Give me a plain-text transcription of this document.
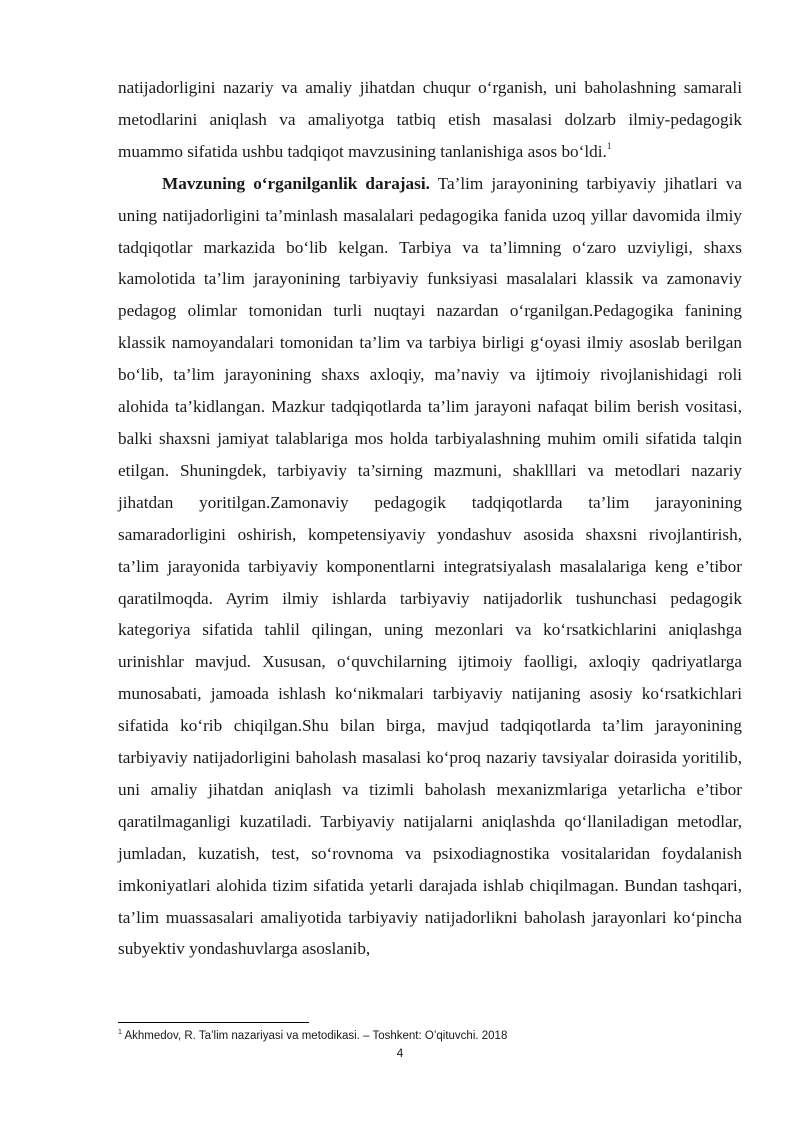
natijadorligini nazariy va amaliy jihatdan chuqur o‘rganish, uni baholashning samarali metodlarini aniqlash va amaliyotga tatbiq etish masalasi dolzarb ilmiy-pedagogik muammo sifatida ushbu tadqiqot mavzusining tanlanishiga asos bo‘ldi.$^1$

Mavzuning o‘rganilganlik darajasi. Ta’lim jarayonining tarbiyaviy jihatlari va uning natijadorligini ta’minlash masalalari pedagogika fanida uzoq yillar davomida ilmiy tadqiqotlar markazida bo‘lib kelgan. Tarbiya va ta’limning o‘zaro uzviyligi, shaxs kamolotida ta’lim jarayonining tarbiyaviy funksiyasi masalalari klassik va zamonaviy pedagog olimlar tomonidan turli nuqtayi nazardan o‘rganilgan.Pedagogika fanining klassik namoyandalari tomonidan ta’lim va tarbiya birligi g‘oyasi ilmiy asoslab berilgan bo‘lib, ta’lim jarayonining shaxs axloqiy, ma’naviy va ijtimoiy rivojlanishidagi roli alohida ta’kidlangan. Mazkur tadqiqotlarda ta’lim jarayoni nafaqat bilim berish vositasi, balki shaxsni jamiyat talablariga mos holda tarbiyalashning muhim omili sifatida talqin etilgan. Shuningdek, tarbiyaviy ta’sirning mazmuni, shaklllari va metodlari nazariy jihatdan yoritilgan.Zamonaviy pedagogik tadqiqotlarda ta’lim jarayonining samaradorligini oshirish, kompetensiyaviy yondashuv asosida shaxsni rivojlantirish, ta’lim jarayonida tarbiyaviy komponentlarni integratsiyalash masalalariga keng e’tibor qaratilmoqda. Ayrim ilmiy ishlarda tarbiyaviy natijadorlik tushunchasi pedagogik kategoriya sifatida tahlil qilingan, uning mezonlari va ko‘rsatkichlarini aniqlashga urinishlar mavjud. Xususan, o‘quvchilarning ijtimoiy faolligi, axloqiy qadriyatlarga munosabati, jamoada ishlash ko‘nikmalari tarbiyaviy natijaning asosiy ko‘rsatkichlari sifatida ko‘rib chiqilgan.Shu bilan birga, mavjud tadqiqotlarda ta’lim jarayonining tarbiyaviy natijadorligini baholash masalasi ko‘proq nazariy tavsiyalar doirasida yoritilib, uni amaliy jihatdan aniqlash va tizimli baholash mexanizmlariga yetarlicha e’tibor qaratilmaganligi kuzatiladi. Tarbiyaviy natijalarni aniqlashda qo‘llaniladigan metodlar, jumladan, kuzatish, test, so‘rovnoma va psixodiagnostika vositalaridan foydalanish imkoniyatlari alohida tizim sifatida yetarli darajada ishlab chiqilmagan. Bundan tashqari, ta’lim muassasalari amaliyotida tarbiyaviy natijadorlikni baholash jarayonlari ko‘pincha subyektiv yondashuvlarga asoslanib,

$^1$ Akhmedov, R. Ta’lim nazariyasi va metodikasi. – Toshkent: O’qituvchi. 2018
4
